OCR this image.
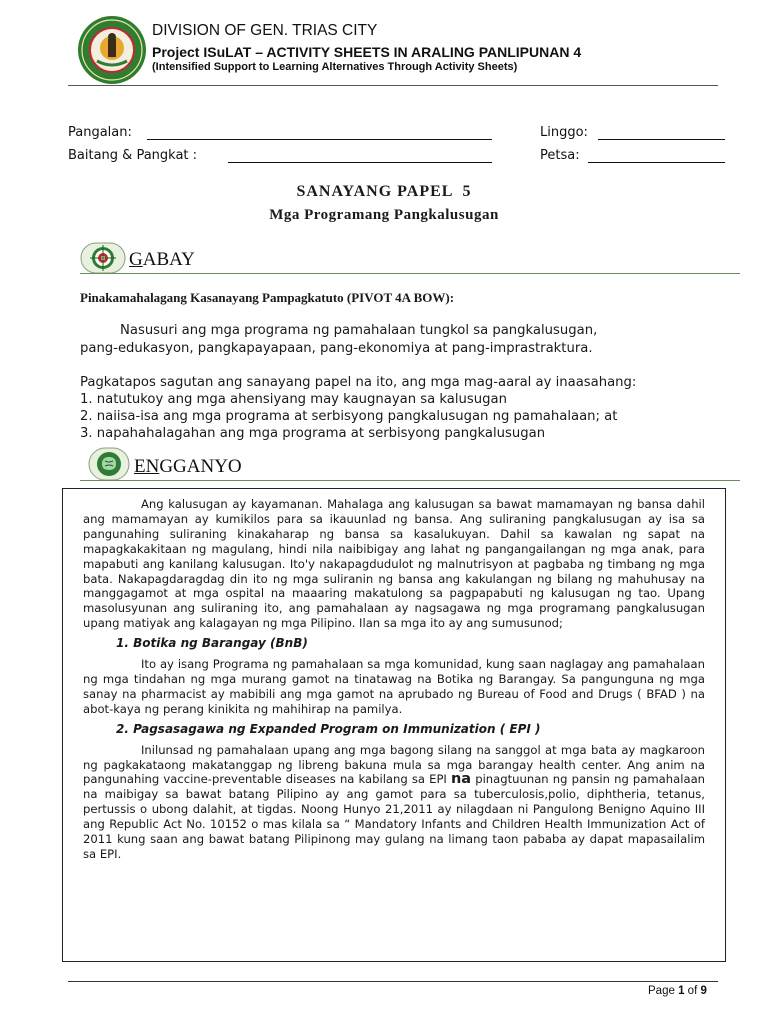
DIVISION OF GEN. TRIAS CITY
Project ISuLAT – ACTIVITY SHEETS IN ARALING PANLIPUNAN 4
(Intensified Support to Learning Alternatives Through Activity Sheets)
Pangalan:
Baitang & Pangkat :
Linggo:
Petsa:
SANAYANG PAPEL  5
Mga Programang Pangkalusugan
GABAY
Pinakamahalagang Kasanayang Pampagkatuto (PIVOT 4A BOW):
Nasusuri ang mga programa ng pamahalaan tungkol sa pangkalusugan,
pang-edukasyon, pangkapayapaan, pang-ekonomiya at pang-imprastraktura.
Pagkatapos sagutan ang sanayang papel na ito, ang mga mag-aaral ay inaasahang:
1. natutukoy ang mga ahensiyang may kaugnayan sa kalusugan
2. naiisa-isa ang mga programa at serbisyong pangkalusugan ng pamahalaan; at
3. napahahalagahan ang mga programa at serbisyong pangkalusugan
ENGGANYO

Ang kalusugan ay kayamanan. Mahalaga ang kalusugan sa bawat mamamayan ng bansa dahil ang mamamayan ay kumikilos para sa ikauunlad ng bansa. Ang suliraning pangkalusugan ay isa sa pangunahing suliraning kinakaharap ng bansa sa kasalukuyan. Dahil sa kawalan ng sapat na mapagkakakitaan ng magulang, hindi nila naibibigay ang lahat ng pangangailangan ng mga anak, para mapabuti ang kanilang kalusugan. Ito'y nakapagdudulot ng malnutrisyon at pagbaba ng timbang ng mga bata. Nakapagdaragdag din ito ng mga suliranin ng bansa ang kakulangan ng bilang ng mahuhusay na manggagamot at mga ospital na maaaring makatulong sa pagpapabuti ng kalusugan ng tao. Upang masolusyunan ang suliraning ito, ang pamahalaan ay nagsagawa ng mga programang pangkalusugan upang matiyak ang kalagayan ng mga Pilipino. Ilan sa mga ito ay ang sumusunod;

1. Botika ng Barangay (BnB)

Ito ay isang Programa ng pamahalaan sa mga komunidad, kung saan naglagay ang pamahalaan ng mga tindahan ng mga murang gamot na tinatawag na Botika ng Barangay. Sa pangunguna ng mga sanay na pharmacist ay mabibili ang mga gamot na aprubado ng Bureau of Food and Drugs ( BFAD ) na abot-kaya ng perang kinikita ng mahihirap na pamilya.

2. Pagsasagawa ng Expanded Program on Immunization ( EPI )

Inilunsad ng pamahalaan upang ang mga bagong silang na sanggol at mga bata ay magkaroon ng pagkakataong makatanggap ng libreng bakuna mula sa mga barangay health center. Ang anim na pangunahing vaccine-preventable diseases na kabilang sa EPI na pinagtuunan ng pansin ng pamahalaan na maibigay sa bawat batang Pilipino ay ang gamot para sa tuberculosis,polio, diphtheria, tetanus, pertussis o ubong dalahit, at tigdas. Noong Hunyo 21,2011 ay nilagdaan ni Pangulong Benigno Aquino III ang Republic Act No. 10152 o mas kilala sa “ Mandatory Infants and Children Health Immunization Act of 2011 kung saan ang bawat batang Pilipinong may gulang na limang taon pababa ay dapat mapasailalim sa EPI.

Page 1 of 9
